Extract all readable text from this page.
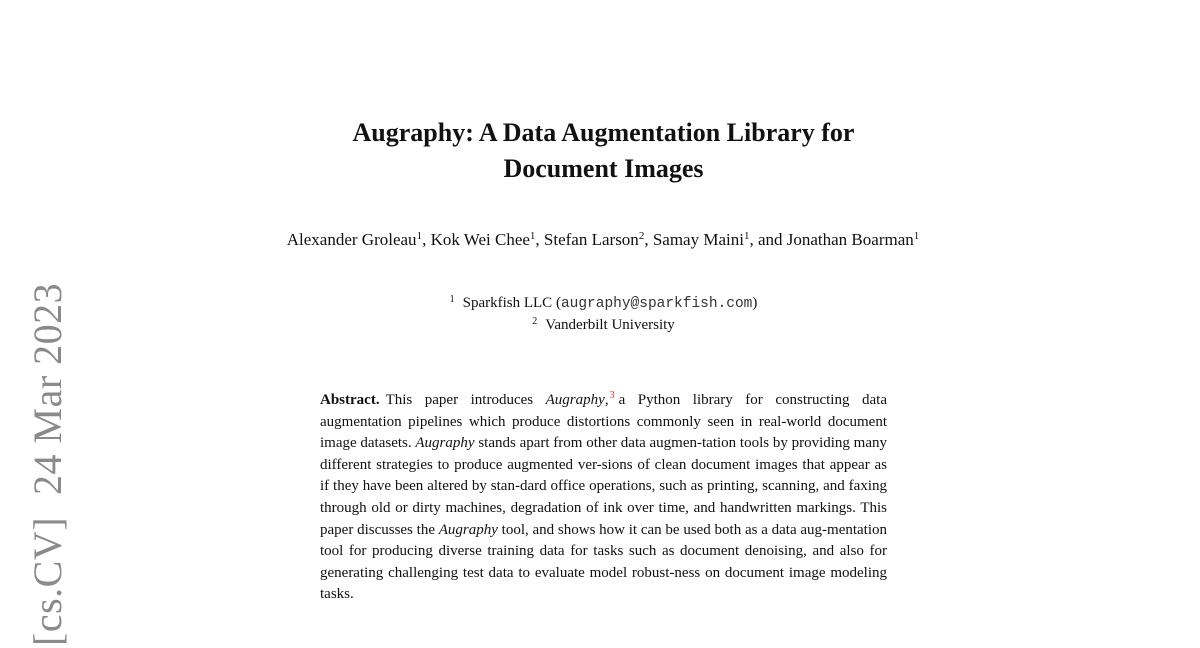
[cs.CV]24 Mar 2023
Augraphy: A Data Augmentation Library for
Document Images
Alexander Groleau$^1$, Kok Wei Chee$^1$, Stefan Larson$^2$, Samay Maini$^1$, and Jonathan Boarman$^1$
$^1$ Sparkfish LLC (augraphy@sparkfish.com)
$^2$ Vanderbilt University
Abstract. This paper introduces Augraphy,$^3$ a Python library for constructing data augmentation pipelines which produce distortions commonly seen in real-world document image datasets. Augraphy stands apart from other data augmen-tation tools by providing many different strategies to produce augmented ver-sions of clean document images that appear as if they have been altered by stan-dard office operations, such as printing, scanning, and faxing through old or dirty machines, degradation of ink over time, and handwritten markings. This paper discusses the Augraphy tool, and shows how it can be used both as a data aug-mentation tool for producing diverse training data for tasks such as document denoising, and also for generating challenging test data to evaluate model robust-ness on document image modeling tasks.
